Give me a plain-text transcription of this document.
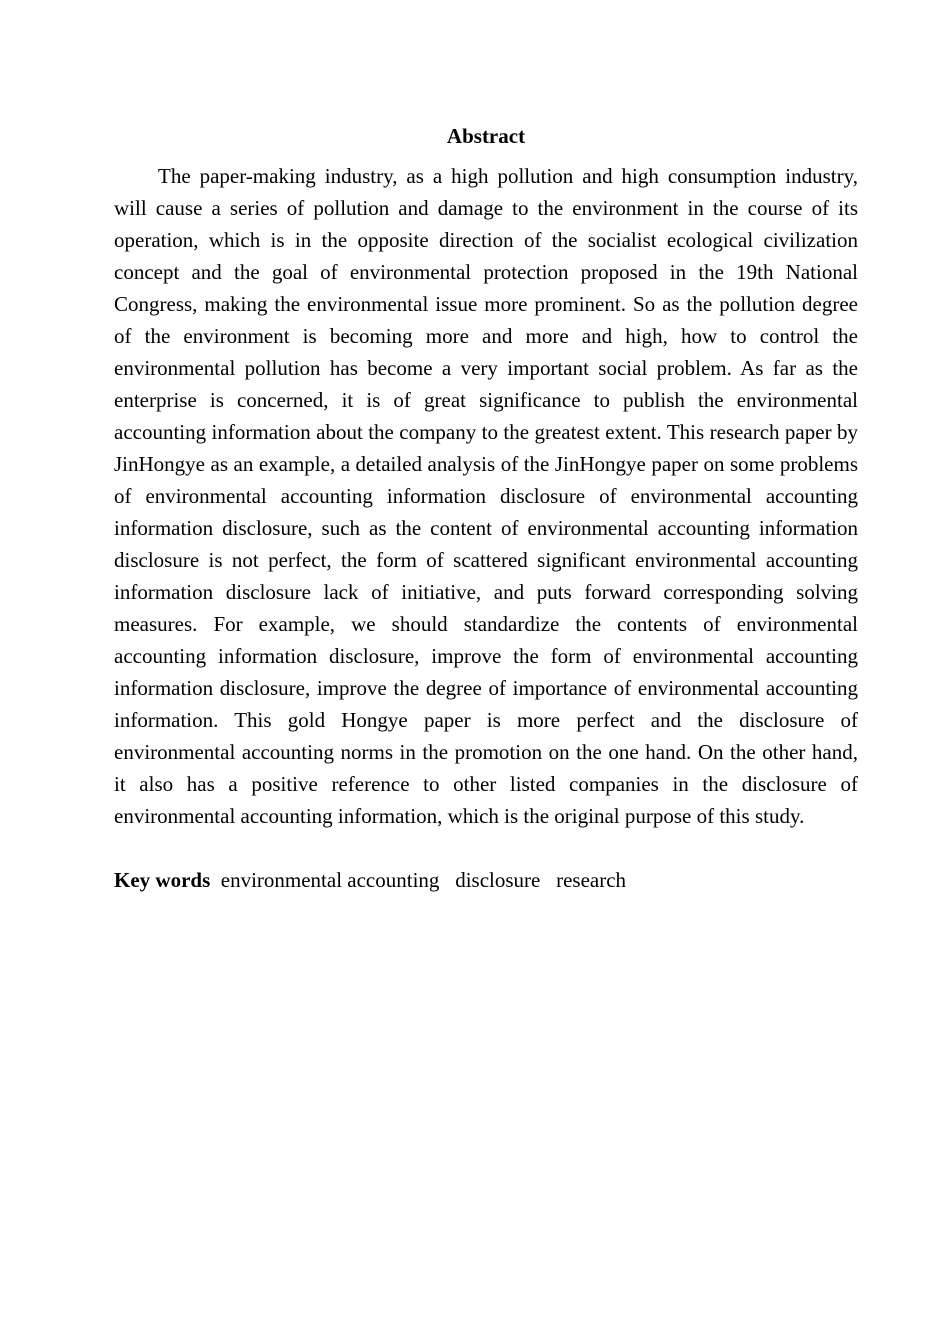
Abstract

The paper-making industry, as a high pollution and high consumption industry, will cause a series of pollution and damage to the environment in the course of its operation, which is in the opposite direction of the socialist ecological civilization concept and the goal of environmental protection proposed in the 19th National Congress, making the environmental issue more prominent. So as the pollution degree of the environment is becoming more and more and high, how to control the environmental pollution has become a very important social problem. As far as the enterprise is concerned, it is of great significance to publish the environmental accounting information about the company to the greatest extent. This research paper by JinHongye as an example, a detailed analysis of the JinHongye paper on some problems of environmental accounting information disclosure of environmental accounting information disclosure, such as the content of environmental accounting information disclosure is not perfect, the form of scattered significant environmental accounting information disclosure lack of initiative, and puts forward corresponding solving measures. For example, we should standardize the contents of environmental accounting information disclosure, improve the form of environmental accounting information disclosure, improve the degree of importance of environmental accounting information. This gold Hongye paper is more perfect and the disclosure of environmental accounting norms in the promotion on the one hand. On the other hand, it also has a positive reference to other listed companies in the disclosure of environmental accounting information, which is the original purpose of this study.

Key words environmental accounting disclosure research
